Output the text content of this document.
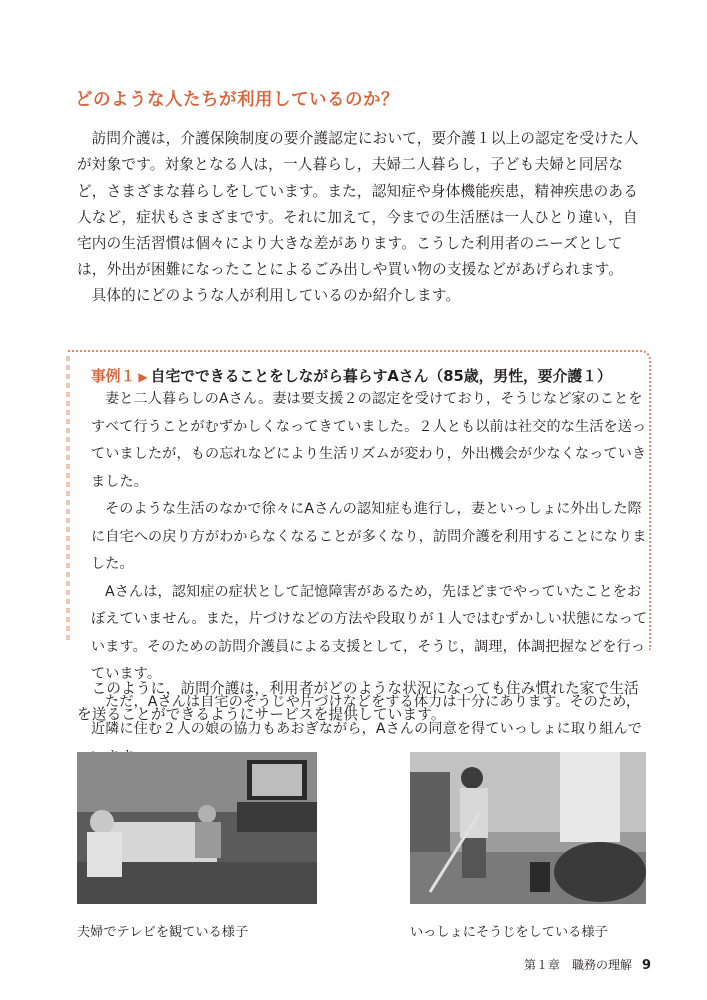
どのような人たちが利用しているのか？

訪問介護は，介護保険制度の要介護認定において，要介護１以上の認定を受けた人が対象です。対象となる人は，一人暮らし，夫婦二人暮らし，子ども夫婦と同居など，さまざまな暮らしをしています。また，認知症や身体機能疾患，精神疾患のある人など，症状もさまざまです。それに加えて，今までの生活歴は一人ひとり違い，自宅内の生活習慣は個々により大きな差があります。こうした利用者のニーズとしては，外出が困難になったことによるごみ出しや買い物の支援などがあげられます。

具体的にどのような人が利用しているのか紹介します。

事例１ ▶ 自宅でできることをしながら暮らすAさん（85歳，男性，要介護１）

妻と二人暮らしのAさん。妻は要支援２の認定を受けており，そうじなど家のことをすべて行うことがむずかしくなってきていました。２人とも以前は社交的な生活を送っていましたが，もの忘れなどにより生活リズムが変わり，外出機会が少なくなっていきました。

そのような生活のなかで徐々にAさんの認知症も進行し，妻といっしょに外出した際に自宅への戻り方がわからなくなることが多くなり，訪問介護を利用することになりました。

Aさんは，認知症の症状として記憶障害があるため，先ほどまでやっていたことをおぼえていません。また，片づけなどの方法や段取りが１人ではむずかしい状態になっています。そのための訪問介護員による支援として，そうじ，調理，体調把握などを行っています。

ただ，Aさんは自宅のそうじや片づけなどをする体力は十分にあります。そのため，近隣に住む２人の娘の協力もあおぎながら，Aさんの同意を得ていっしょに取り組んで

このように，訪問介護は，利用者がどのような状況になっても住み慣れた家で生活を送ることができるようにサービスを提供しています。

夫婦でテレビを観ている様子	いっしょにそうじをしている様子

第１章　職務の理解 9
